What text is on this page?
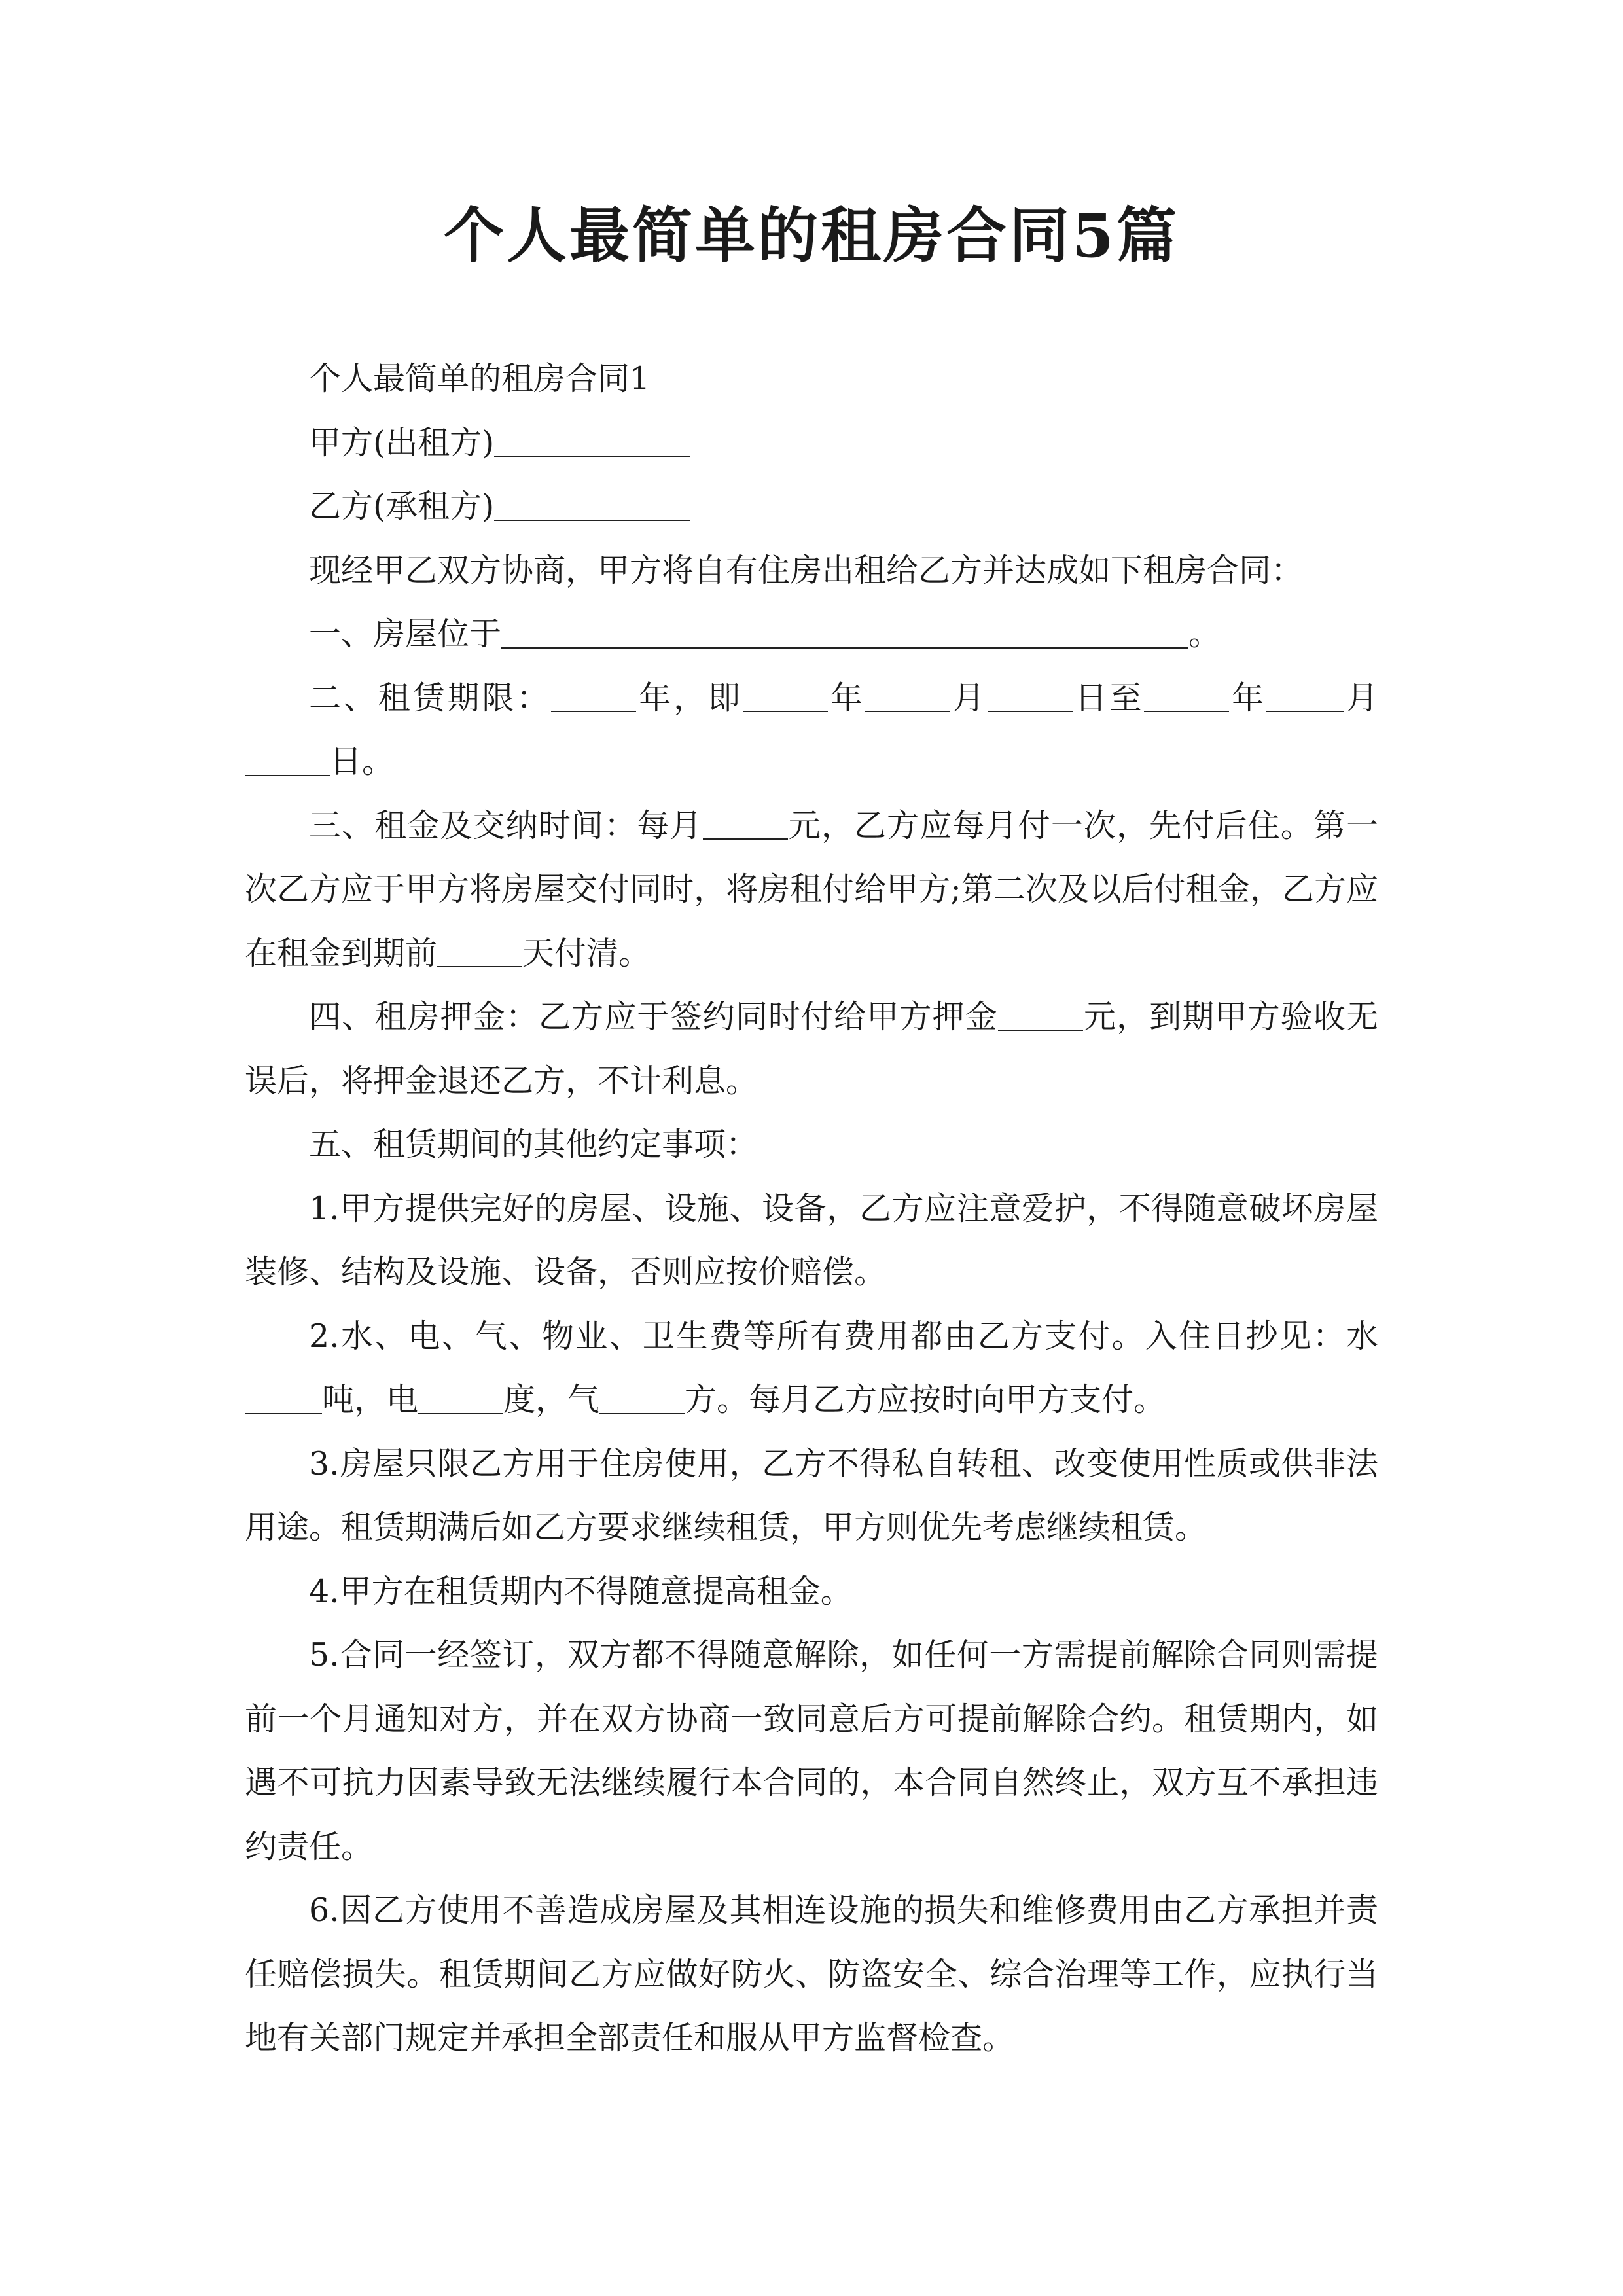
个人最简单的租房合同5篇

个人最简单的租房合同1

甲方(出租方)

乙方(承租方)

现经甲乙双方协商，甲方将自有住房出租给乙方并达成如下租房合同：

一、房屋位于	。

二、租赁期限：	年，即	年	月	日至	年 月日。

三、租金及交纳时间：每月	元，乙方应每月付一次，先付后住。第一次乙方应于甲方将房屋交付同时，将房租付给甲方;第二次及以后付租金，乙方应在租金到期前	天付清。

四、租房押金：乙方应于签约同时付给甲方押金	元，到期甲方验收无误后，将押金退还乙方，不计利息。

五、租赁期间的其他约定事项：

1.甲方提供完好的房屋、设施、设备，乙方应注意爱护，不得随意破坏房屋装修、结构及设施、设备，否则应按价赔偿。

2.水、电、气、物业、卫生费等所有费用都由乙方支付。入住日抄见：水吨，电	度，气	方。每月乙方应按时向甲方支付。

3.房屋只限乙方用于住房使用，乙方不得私自转租、改变使用性质或供非法用途。租赁期满后如乙方要求继续租赁，甲方则优先考虑继续租赁。

4.甲方在租赁期内不得随意提高租金。

5.合同一经签订，双方都不得随意解除，如任何一方需提前解除合同则需提前一个月通知对方，并在双方协商一致同意后方可提前解除合约。租赁期内，如遇不可抗力因素导致无法继续履行本合同的，本合同自然终止，双方互不承担违约责任。

6.因乙方使用不善造成房屋及其相连设施的损失和维修费用由乙方承担并责任赔偿损失。租赁期间乙方应做好防火、防盗安全、综合治理等工作，应执行当地有关部门规定并承担全部责任和服从甲方监督检查。
